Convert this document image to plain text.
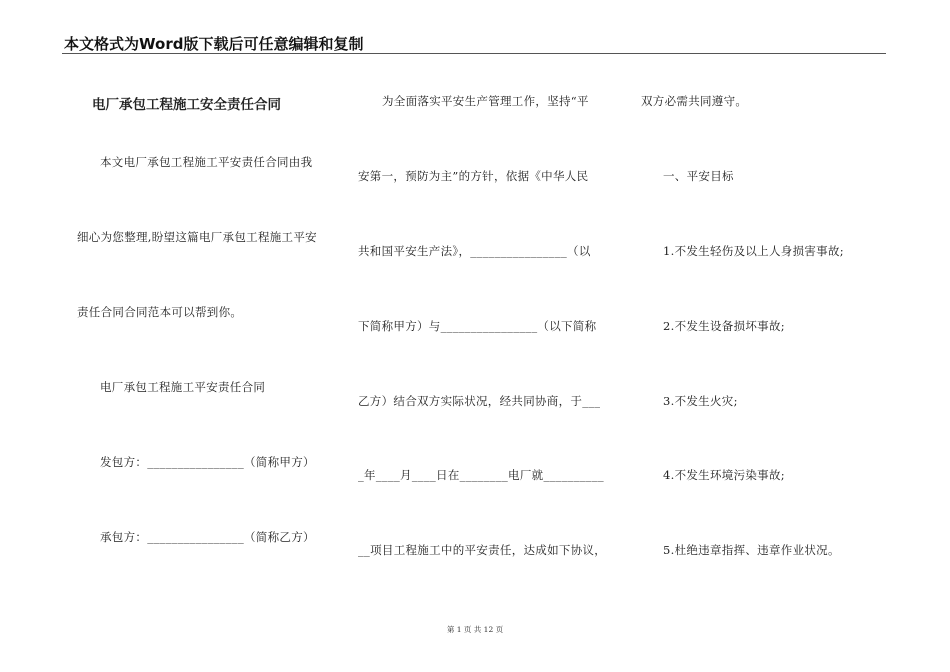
本文格式为Word版下载后可任意编辑和复制
电厂承包工程施工安全责任合同
本文电厂承包工程施工平安责任合同由我
细心为您整理,盼望这篇电厂承包工程施工平安
责任合同合同范本可以帮到你。
电厂承包工程施工平安责任合同
发包方：________________（简称甲方）
承包方：________________（简称乙方）
为全面落实平安生产管理工作，坚持“平
安第一，预防为主”的方针，依据《中华人民
共和国平安生产法》，________________（以
下简称甲方）与________________（以下简称
乙方）结合双方实际状况，经共同协商，于___
_年____月____日在________电厂就__________
__项目工程施工中的平安责任，达成如下协议，
双方必需共同遵守。
一、平安目标
1.不发生轻伤及以上人身损害事故;
2.不发生设备损坏事故;
3.不发生火灾;
4.不发生环境污染事故;
5.杜绝违章指挥、违章作业状况。
第 1 页 共 12 页
